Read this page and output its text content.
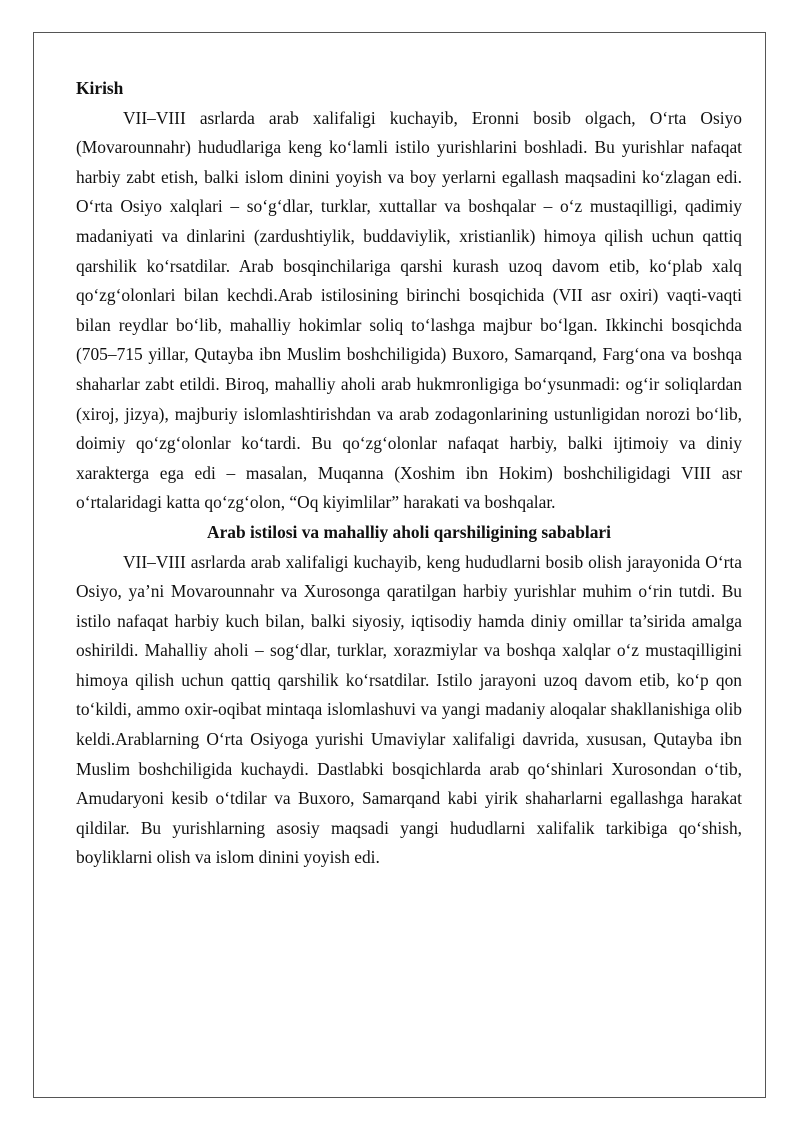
Kirish

VII–VIII asrlarda arab xalifaligi kuchayib, Eronni bosib olgach, O‘rta Osiyo (Movarounnahr) hududlariga keng ko‘lamli istilo yurishlarini boshladi. Bu yurishlar nafaqat harbiy zabt etish, balki islom dinini yoyish va boy yerlarni egallash maqsadini ko‘zlagan edi. O‘rta Osiyo xalqlari – so‘g‘dlar, turklar, xuttallar va boshqalar – o‘z mustaqilligi, qadimiy madaniyati va dinlarini (zardushtiylik, buddaviylik, xristianlik) himoya qilish uchun qattiq qarshilik ko‘rsatdilar. Arab bosqinchilariga qarshi kurash uzoq davom etib, ko‘plab xalq qo‘zg‘olonlari bilan kechdi.Arab istilosining birinchi bosqichida (VII asr oxiri) vaqti-vaqti bilan reydlar bo‘lib, mahalliy hokimlar soliq to‘lashga majbur bo‘lgan. Ikkinchi bosqichda (705–715 yillar, Qutayba ibn Muslim boshchiligida) Buxoro, Samarqand, Farg‘ona va boshqa shaharlar zabt etildi. Biroq, mahalliy aholi arab hukmronligiga bo‘ysunmadi: og‘ir soliqlardan (xiroj, jizya), majburiy islomlashtirishdan va arab zodagonlarining ustunligidan norozi bo‘lib, doimiy qo‘zg‘olonlar ko‘tardi. Bu qo‘zg‘olonlar nafaqat harbiy, balki ijtimoiy va diniy xarakterga ega edi – masalan, Muqanna (Xoshim ibn Hokim) boshchiligidagi VIII asr o‘rtalaridagi katta qo‘zg‘olon, “Oq kiyimlilar” harakati va boshqalar.

Arab istilosi va mahalliy aholi qarshiligining sabablari

VII–VIII asrlarda arab xalifaligi kuchayib, keng hududlarni bosib olish jarayonida O‘rta Osiyo, ya’ni Movarounnahr va Xurosonga qaratilgan harbiy yurishlar muhim o‘rin tutdi. Bu istilo nafaqat harbiy kuch bilan, balki siyosiy, iqtisodiy hamda diniy omillar ta’sirida amalga oshirildi. Mahalliy aholi – sog‘dlar, turklar, xorazmiylar va boshqa xalqlar o‘z mustaqilligini himoya qilish uchun qattiq qarshilik ko‘rsatdilar. Istilo jarayoni uzoq davom etib, ko‘p qon to‘kildi, ammo oxir-oqibat mintaqa islomlashuvi va yangi madaniy aloqalar shakllanishiga olib keldi.Arablarning O‘rta Osiyoga yurishi Umaviylar xalifaligi davrida, xususan, Qutayba ibn Muslim boshchiligida kuchaydi. Dastlabki bosqichlarda arab qo‘shinlari Xurosondan o‘tib, Amudaryoni kesib o‘tdilar va Buxoro, Samarqand kabi yirik shaharlarni egallashga harakat qildilar. Bu yurishlarning asosiy maqsadi yangi hududlarni xalifalik tarkibiga qo‘shish, boyliklarni olish va islom dinini yoyish edi.
